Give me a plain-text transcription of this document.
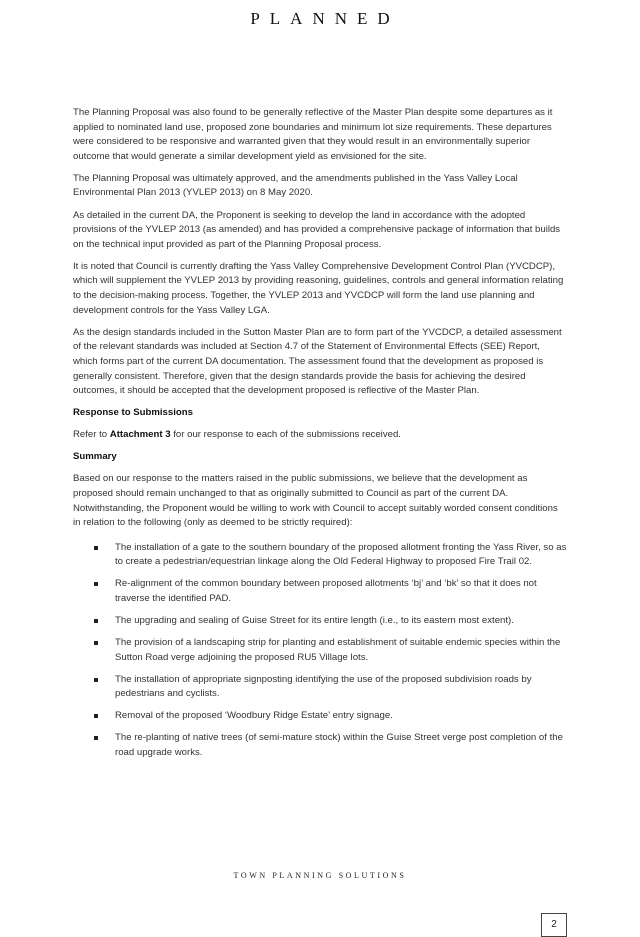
PLANNED

The Planning Proposal was also found to be generally reflective of the Master Plan despite some departures as it applied to nominated land use, proposed zone boundaries and minimum lot size requirements. These departures were considered to be responsive and warranted given that they would result in an environmentally superior outcome that would generate a similar development yield as envisioned for the site.

The Planning Proposal was ultimately approved, and the amendments published in the Yass Valley Local Environmental Plan 2013 (YVLEP 2013) on 8 May 2020.

As detailed in the current DA, the Proponent is seeking to develop the land in accordance with the adopted provisions of the YVLEP 2013 (as amended) and has provided a comprehensive package of information that builds on the technical input provided as part of the Planning Proposal process.

It is noted that Council is currently drafting the Yass Valley Comprehensive Development Control Plan (YVCDCP), which will supplement the YVLEP 2013 by providing reasoning, guidelines, controls and general information relating to the decision-making process. Together, the YVLEP 2013 and YVCDCP will form the land use planning and development controls for the Yass Valley LGA.

As the design standards included in the Sutton Master Plan are to form part of the YVCDCP, a detailed assessment of the relevant standards was included at Section 4.7 of the Statement of Environmental Effects (SEE) Report, which forms part of the current DA documentation. The assessment found that the development as proposed is generally consistent. Therefore, given that the design standards provide the basis for achieving the desired outcomes, it should be accepted that the development proposed is reflective of the Master Plan.

Response to Submissions

Refer to Attachment 3 for our response to each of the submissions received.

Summary

Based on our response to the matters raised in the public submissions, we believe that the development as proposed should remain unchanged to that as originally submitted to Council as part of the current DA. Notwithstanding, the Proponent would be willing to work with Council to accept suitably worded consent conditions in relation to the following (only as deemed to be strictly required):

The installation of a gate to the southern boundary of the proposed allotment fronting the Yass River, so as to create a pedestrian/equestrian linkage along the Old Federal Highway to proposed Fire Trail 02.
Re-alignment of the common boundary between proposed allotments ‘bj’ and ‘bk’ so that it does not traverse the identified PAD.
The upgrading and sealing of Guise Street for its entire length (i.e., to its eastern most extent).
The provision of a landscaping strip for planting and establishment of suitable endemic species within the Sutton Road verge adjoining the proposed RU5 Village lots.
The installation of appropriate signposting identifying the use of the proposed subdivision roads by pedestrians and cyclists.
Removal of the proposed ‘Woodbury Ridge Estate’ entry signage.
The re-planting of native trees (of semi-mature stock) within the Guise Street verge post completion of the road upgrade works.
TOWN PLANNING SOLUTIONS
2
